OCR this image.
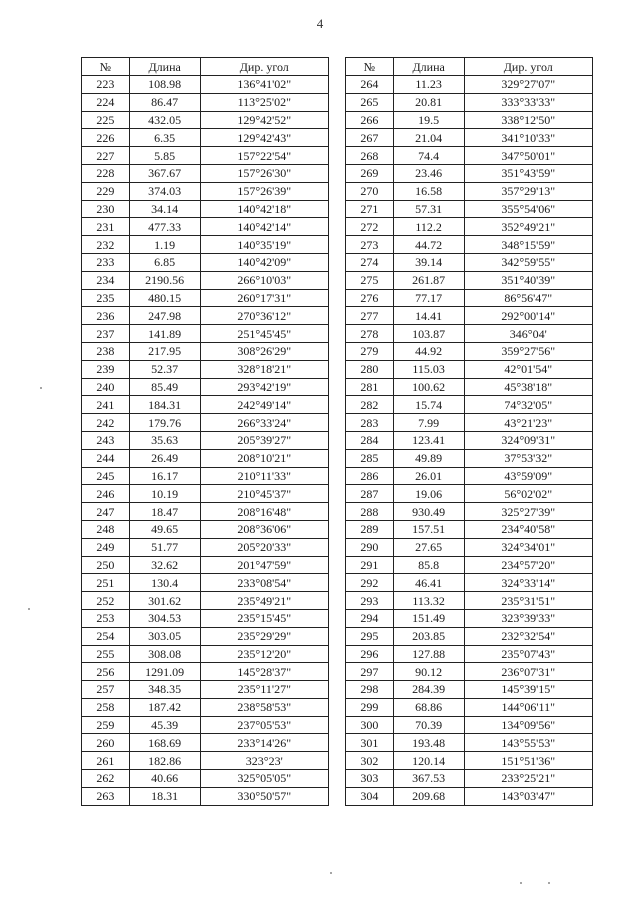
4
№	Длина	Дир. угол
223	108.98	136°41'02"
224	86.47	113°25'02"
225	432.05	129°42'52"
226	6.35	129°42'43"
227	5.85	157°22'54"
228	367.67	157°26'30"
229	374.03	157°26'39"
230	34.14	140°42'18"
231	477.33	140°42'14"
232	1.19	140°35'19"
233	6.85	140°42'09"
234	2190.56	266°10'03"
235	480.15	260°17'31"
236	247.98	270°36'12"
237	141.89	251°45'45"
238	217.95	308°26'29"
239	52.37	328°18'21"
240	85.49	293°42'19"
241	184.31	242°49'14"
242	179.76	266°33'24"
243	35.63	205°39'27"
244	26.49	208°10'21"
245	16.17	210°11'33"
246	10.19	210°45'37"
247	18.47	208°16'48"
248	49.65	208°36'06"
249	51.77	205°20'33"
250	32.62	201°47'59"
251	130.4	233°08'54"
252	301.62	235°49'21"
253	304.53	235°15'45"
254	303.05	235°29'29"
255	308.08	235°12'20"
256	1291.09	145°28'37"
257	348.35	235°11'27"
258	187.42	238°58'53"
259	45.39	237°05'53"
260	168.69	233°14'26"
261	182.86	323°23'
262	40.66	325°05'05"
263	18.31	330°50'57"
№	Длина	Дир. угол
264	11.23	329°27'07"
265	20.81	333°33'33"
266	19.5	338°12'50"
267	21.04	341°10'33"
268	74.4	347°50'01"
269	23.46	351°43'59"
270	16.58	357°29'13"
271	57.31	355°54'06"
272	112.2	352°49'21"
273	44.72	348°15'59"
274	39.14	342°59'55"
275	261.87	351°40'39"
276	77.17	86°56'47"
277	14.41	292°00'14"
278	103.87	346°04'
279	44.92	359°27'56"
280	115.03	42°01'54"
281	100.62	45°38'18"
282	15.74	74°32'05"
283	7.99	43°21'23"
284	123.41	324°09'31"
285	49.89	37°53'32"
286	26.01	43°59'09"
287	19.06	56°02'02"
288	930.49	325°27'39"
289	157.51	234°40'58"
290	27.65	324°34'01"
291	85.8	234°57'20"
292	46.41	324°33'14"
293	113.32	235°31'51"
294	151.49	323°39'33"
295	203.85	232°32'54"
296	127.88	235°07'43"
297	90.12	236°07'31"
298	284.39	145°39'15"
299	68.86	144°06'11"
300	70.39	134°09'56"
301	193.48	143°55'53"
302	120.14	151°51'36"
303	367.53	233°25'21"
304	209.68	143°03'47"
